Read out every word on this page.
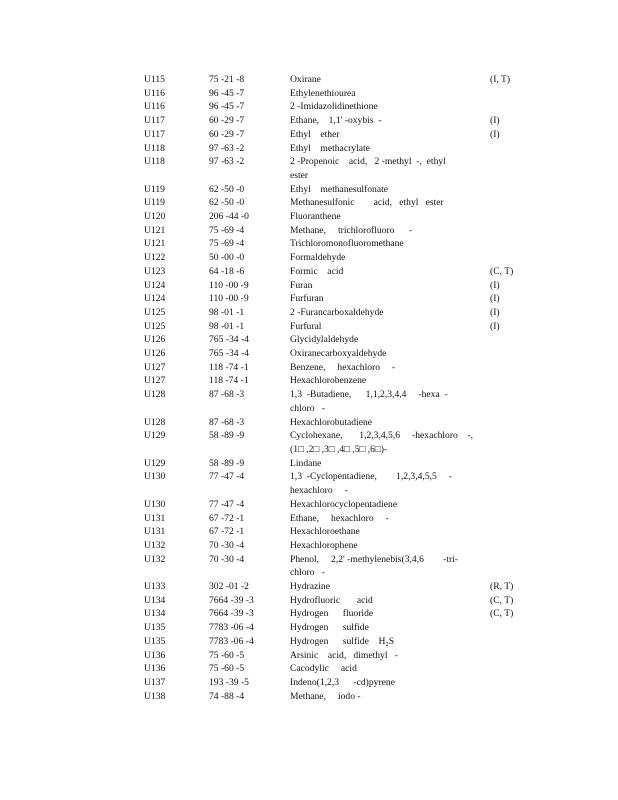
U115	75 -21 -8	Oxirane	(I, T)
U116	96 -45 -7	Ethylenethiourea
U116	96 -45 -7	2 -Imidazolidinethione
U117	60 -29 -7	Ethane,    1,1' -oxybis  -	(I)
U117	60 -29 -7	Ethyl    ether	(I)
U118	97 -63 -2	Ethyl    methacrylate
U118	97 -63 -2	2 -Propenoic    acid,   2 -methyl  -,  ethyl
ester
U119	62 -50 -0	Ethyl    methanesulfonate
U119	62 -50 -0	Methanesulfonic        acid,   ethyl   ester
U120	206 -44 -0	Fluoranthene
U121	75 -69 -4	Methane,     trichlorofluoro      -
U121	75 -69 -4	Trichloromonofluoromethane
U122	50 -00 -0	Formaldehyde
U123	64 -18 -6	Formic    acid	(C, T)
U124	110 -00 -9	Furan	(I)
U124	110 -00 -9	Furfuran	(I)
U125	98 -01 -1	2 -Furancarboxaldehyde	(I)
U125	98 -01 -1	Furfural	(I)
U126	765 -34 -4	Glycidylaldehyde
U126	765 -34 -4	Oxiranecarboxyaldehyde
U127	118 -74 -1	Benzene,     hexachloro     -
U127	118 -74 -1	Hexachlorobenzene
U128	87 -68 -3	1,3  -Butadiene,      1,1,2,3,4,4     -hexa  -
chloro   -
U128	87 -68 -3	Hexachlorobutadiene
U129	58 -89 -9	Cyclohexane,       1,2,3,4,5,6     -hexachloro    -,
(1□ ,2□ ,3□ ,4□ ,5□ ,6□)-
U129	58 -89 -9	Lindane
U130	77 -47 -4	1,3  -Cyclopentadiene,        1,2,3,4,5,5     -
hexachloro     -
U130	77 -47 -4	Hexachlorocyclopentadiene
U131	67 -72 -1	Ethane,     hexachloro     -
U131	67 -72 -1	Hexachloroethane
U132	70 -30 -4	Hexachlorophene
U132	70 -30 -4	Phenol,     2,2' -methylenebis(3,4,6        -tri-
chloro   -
U133	302 -01 -2	Hydrazine	(R, T)
U134	7664 -39 -3	Hydrofluoric       acid	(C, T)
U134	7664 -39 -3	Hydrogen      fluoride	(C, T)
U135	7783 -06 -4	Hydrogen      sulfide
U135	7783 -06 -4	Hydrogen      sulfide    H₂S
U136	75 -60 -5	Arsinic    acid,   dimethyl   -
U136	75 -60 -5	Cacodylic     acid
U137	193 -39 -5	Indeno(1,2,3      -cd)pyrene
U138	74 -88 -4	Methane,     iodo -
